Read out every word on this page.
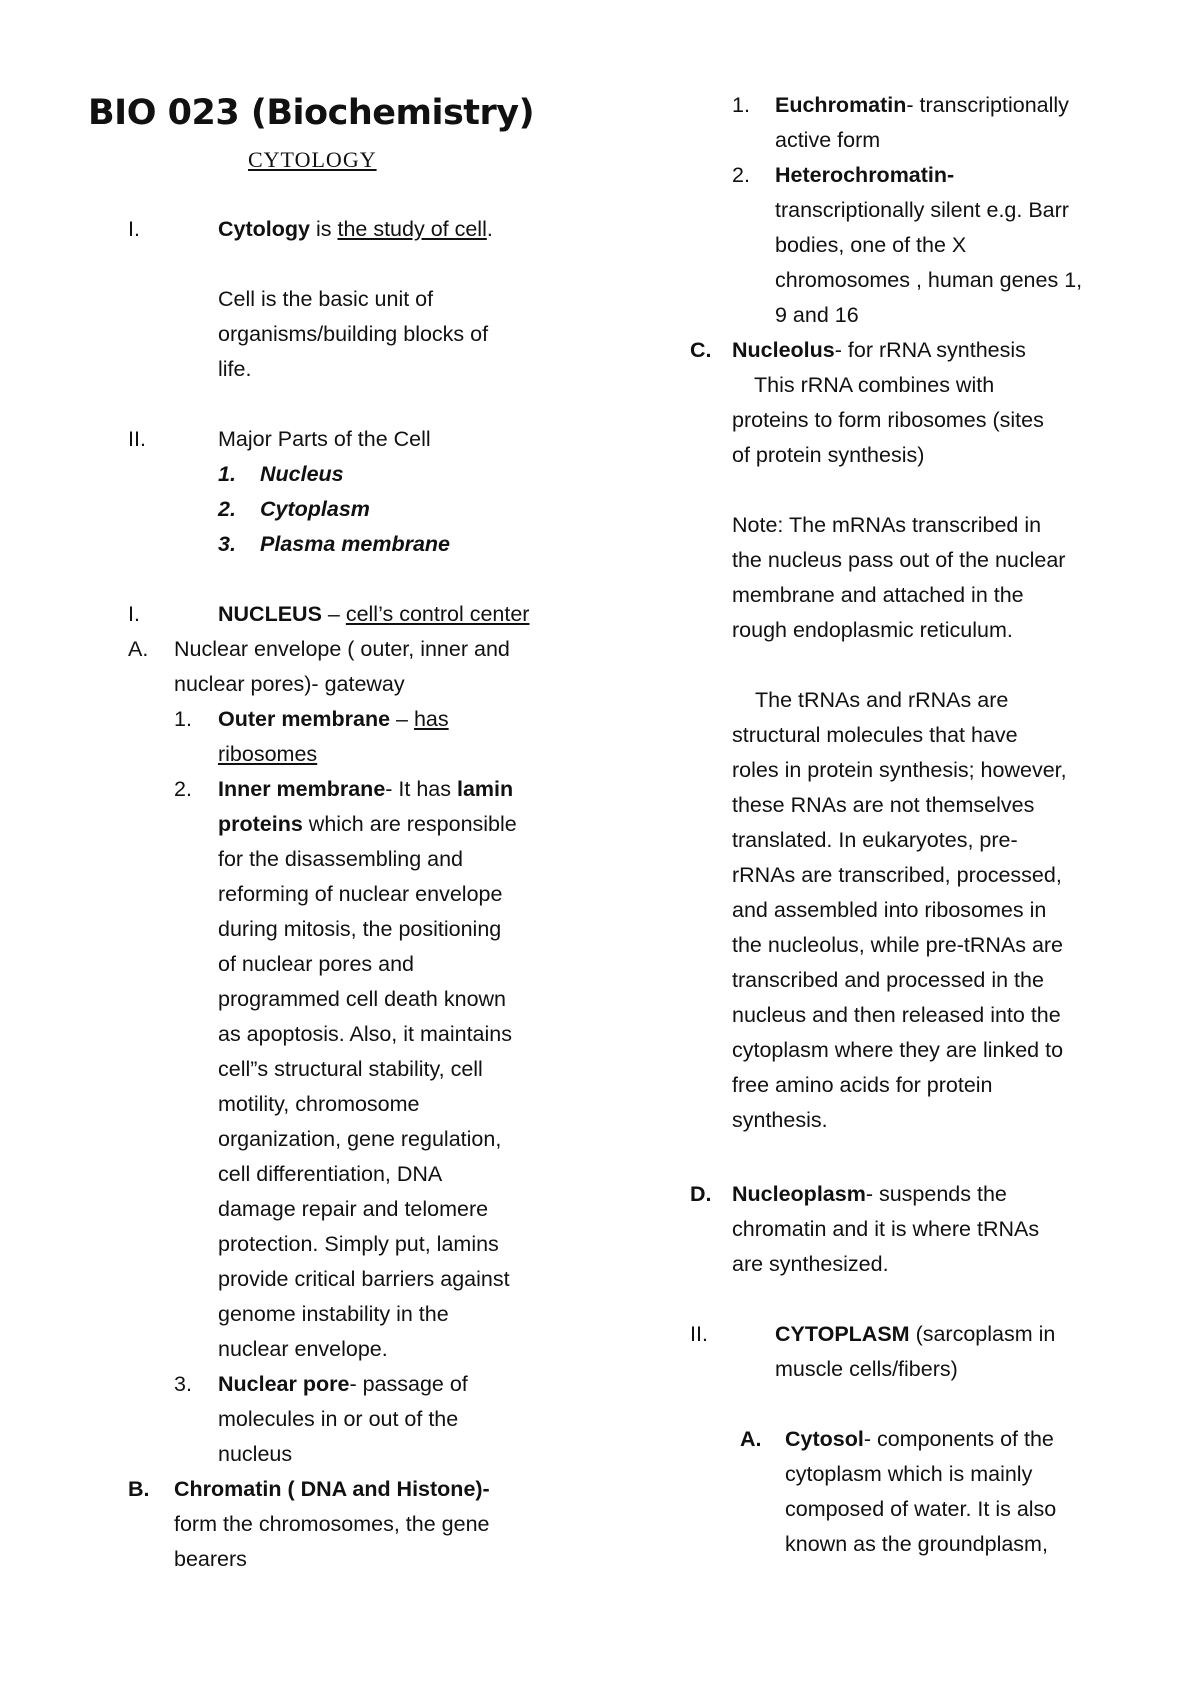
BIO 023 (Biochemistry)
CYTOLOGY
I.	Cytology is the study of cell.
Cell is the basic unit of
organisms/building blocks of
life.
II.	Major Parts of the Cell
1. Nucleus
2. Cytoplasm
3. Plasma membrane
I.	NUCLEUS – cell’s control center
A. Nuclear envelope ( outer, inner and
nuclear pores)- gateway
1. Outer membrane – has
ribosomes
2. Inner membrane- It has lamin
proteins which are responsible
for the disassembling and
reforming of nuclear envelope
during mitosis, the positioning
of nuclear pores and
programmed cell death known
as apoptosis. Also, it maintains
cell”s structural stability, cell
motility, chromosome
organization, gene regulation,
cell differentiation, DNA
damage repair and telomere
protection. Simply put, lamins
provide critical barriers against
genome instability in the
nuclear envelope.
3. Nuclear pore- passage of
molecules in or out of the
nucleus
B. Chromatin ( DNA and Histone)-
form the chromosomes, the gene
bearers
1. Euchromatin- transcriptionally
active form
2. Heterochromatin-
transcriptionally silent e.g. Barr
bodies, one of the X
chromosomes , human genes 1,
9 and 16
C. Nucleolus- for rRNA synthesis
This rRNA combines with
proteins to form ribosomes (sites
of protein synthesis)
Note: The mRNAs transcribed in
the nucleus pass out of the nuclear
membrane and attached in the
rough endoplasmic reticulum.
The tRNAs and rRNAs are
structural molecules that have
roles in protein synthesis; however,
these RNAs are not themselves
translated. In eukaryotes, pre-
rRNAs are transcribed, processed,
and assembled into ribosomes in
the nucleolus, while pre-tRNAs are
transcribed and processed in the
nucleus and then released into the
cytoplasm where they are linked to
free amino acids for protein
synthesis.
D. Nucleoplasm- suspends the
chromatin and it is where tRNAs
are synthesized.
II.	CYTOPLASM (sarcoplasm in
muscle cells/fibers)
A. Cytosol- components of the
cytoplasm which is mainly
composed of water. It is also
known as the groundplasm,
